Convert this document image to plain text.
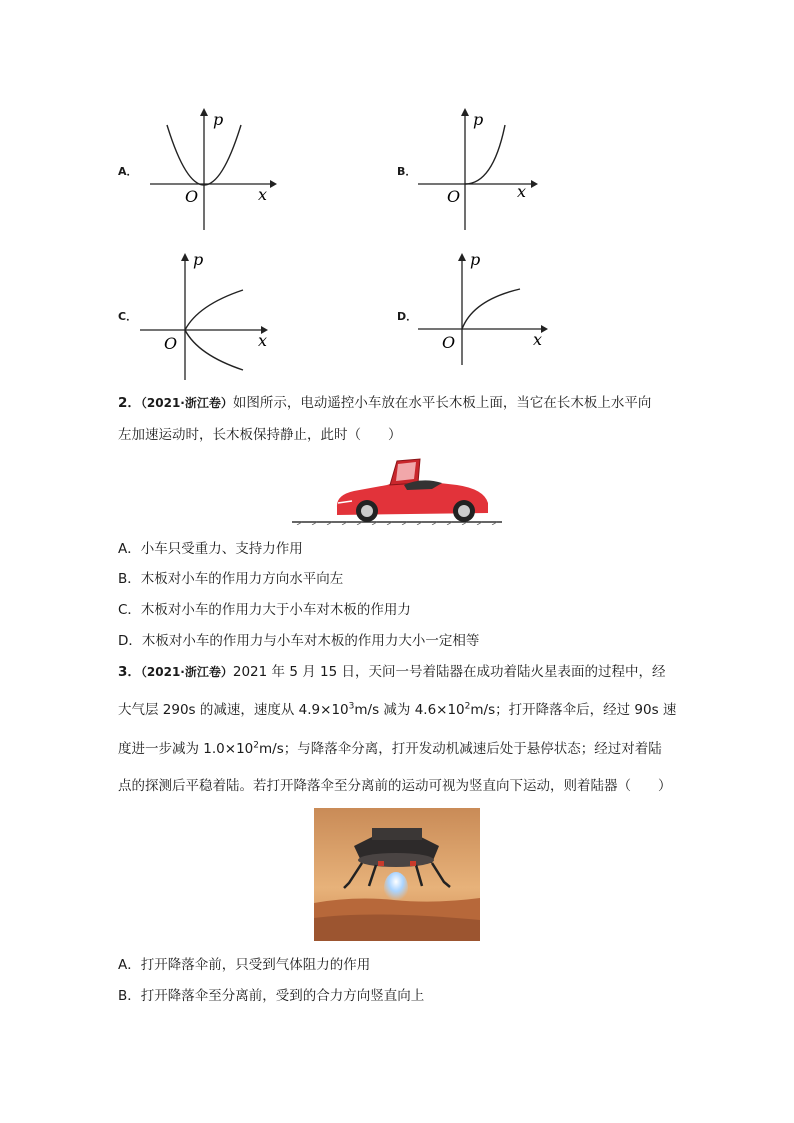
A．
p
O	x
B．
p
O	x
C．
p
O	x
D．
p
O	x
2．（2021·浙江卷）如图所示，电动遥控小车放在水平长木板上面，当它在长木板上水平向
左加速运动时，长木板保持静止，此时（　　）
A．小车只受重力、支持力作用
B．木板对小车的作用力方向水平向左
C．木板对小车的作用力大于小车对木板的作用力
D．木板对小车的作用力与小车对木板的作用力大小一定相等
3．（2021·浙江卷）2021 年 5 月 15 日，天问一号着陆器在成功着陆火星表面的过程中，经
大气层 290s 的减速，速度从 $4.9\times 10^3m/s$ 减为 $4.6\times 10^2m/s$；打开降落伞后，经过 90s 速
度进一步减为 $1.0\times 10^2m/s$；与降落伞分离，打开发动机减速后处于悬停状态；经过对着陆
点的探测后平稳着陆。若打开降落伞至分离前的运动可视为竖直向下运动，则着陆器（　　）
A．打开降落伞前，只受到气体阻力的作用
B．打开降落伞至分离前，受到的合力方向竖直向上
